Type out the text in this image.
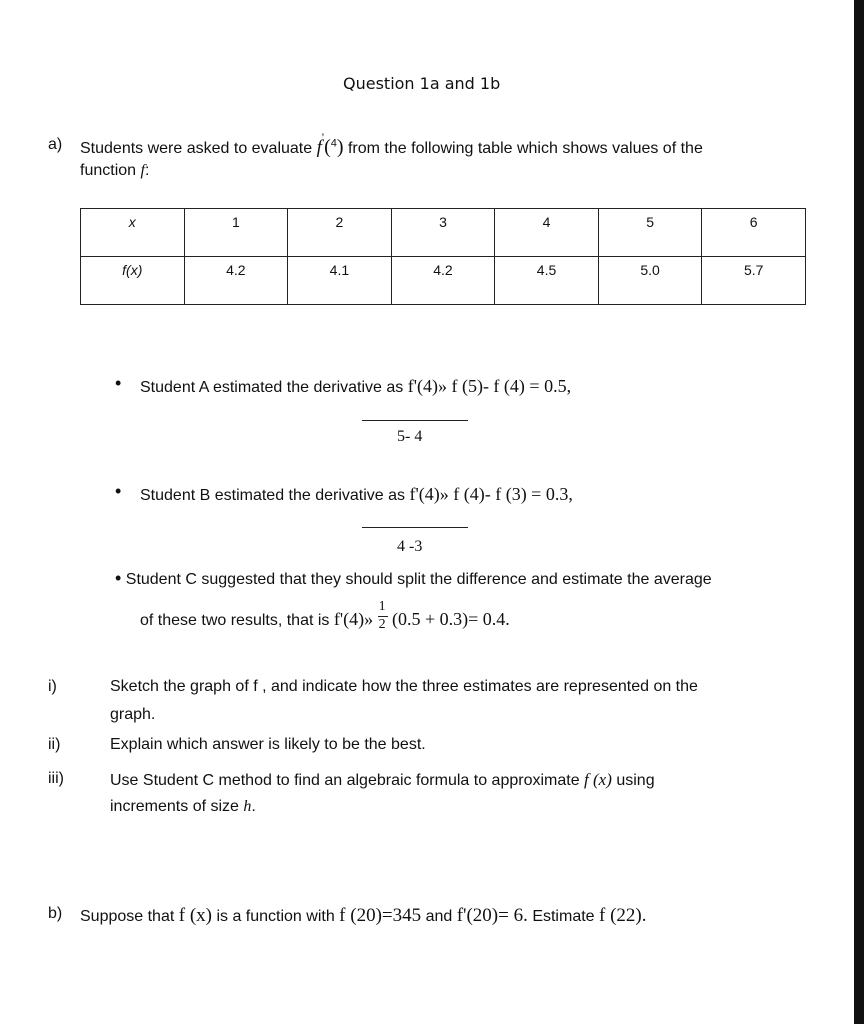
Question 1a and 1b
a) Students were asked to evaluate f'($^4$) from the following table which shows values of the
function f:
x	1	2	3	4	5	6
f(x)	4.2	4.1	4.2	4.5	5.0	5.7
• Student A estimated the derivative as f'(4)» f (5)- f (4) = 0.5,
5- 4
• Student B estimated the derivative as f'(4)» f (4)- f (3) = 0.3,
4 -3
• Student C suggested that they should split the difference and estimate the average
of these two results, that is f'(4)» $\frac{1}{2} (0.5 + 0.3)= 0.4$.
i)	Sketch the graph of f , and indicate how the three estimates are represented on the
graph.
ii)	Explain which answer is likely to be the best.
iii)	Use Student C method to find an algebraic formula to approximate f (x) using
increments of size h.
b) Suppose that f (x) is a function with f (20)=345 and f'(20)= 6. Estimate f (22).
